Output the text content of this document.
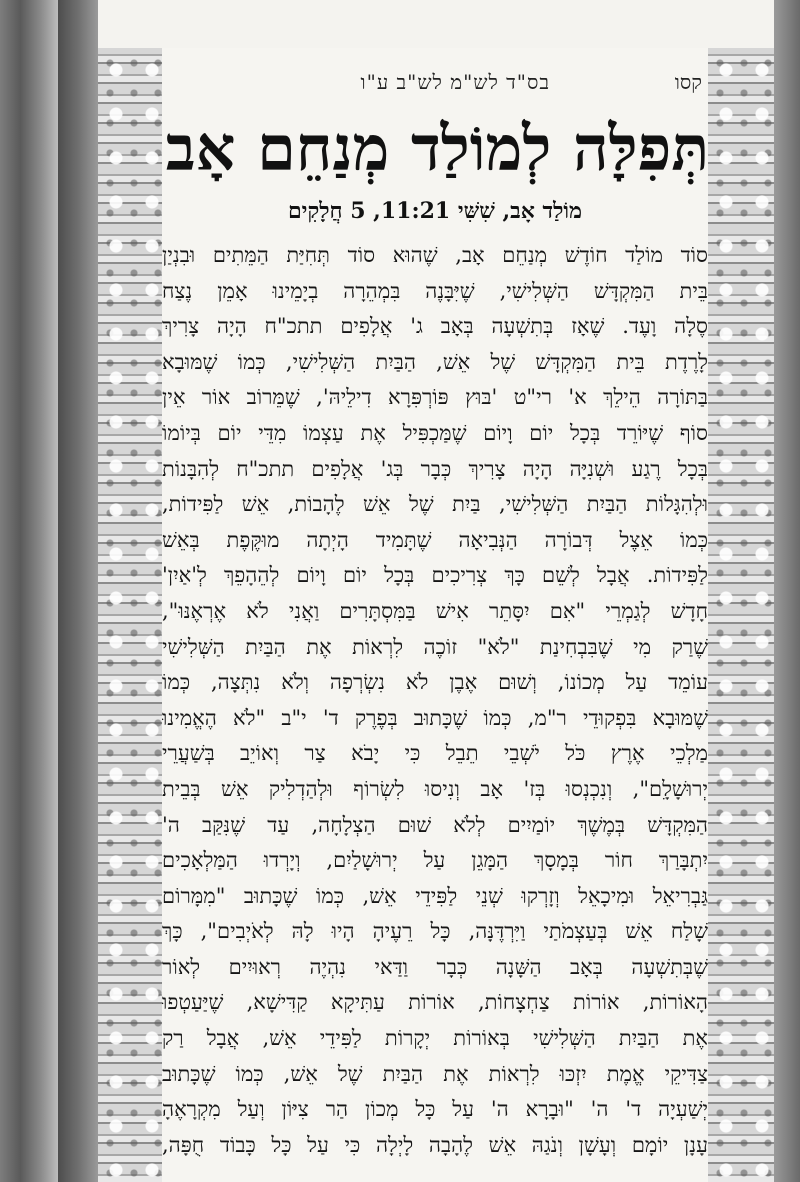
קסו
בס"ד לש"מ לש"ב ע"ו
תְּפִלָּה לְמוֹלַד מְנַחֵם אָב
מוֹלַד אָב, שִׁשִּׁי 11:21, 5 חֲלָקִים
סוֹד מוֹלַד חוֹדֶשׁ מְנַחֵם אָב, שֶׁהוּא סוֹד תְּחִיַּת הַמֵּתִים וּבִנְיַן
בֵּית הַמִּקְדָּשׁ הַשְּׁלִישִׁי, שֶׁיִּבָּנֶה בִּמְהֵרָה בְיָמֵינוּ אָמֵן נֶצַח
סֶלָה וָעֶד. שֶׁאָז בְּתִשְׁעָה בְּאָב ג' אֲלָפִים תתכ"ח הָיָה צָרִיךְ
לָרֶדֶת בֵּית הַמִּקְדָּשׁ שֶׁל אֵשׁ, הַבַּיִת הַשְּׁלִישִׁי, כְּמוֹ שֶׁמּוּבָא
בַּתּוֹרָה הֵילֵךְ א' רי"ט 'בּוּץ פּוֹרְפִּרָא דִילֵיהּ', שֶׁמֵּרוֹב אוֹר אֵין
סוֹף שֶׁיּוֹרֵד בְּכָל יוֹם וָיוֹם שֶׁמַּכְפִּיל אֶת עַצְמוֹ מִדֵּי יוֹם בְּיוֹמוֹ
בְּכָל רֶגַע וּשְׁנִיָּה הָיָה צָרִיךְ כְּבָר בְּג' אֲלָפִים תתכ"ח לְהִבָּנוֹת
וּלְהִגָּלוֹת הַבַּיִת הַשְּׁלִישִׁי, בַּיִת שֶׁל אֵשׁ לֶהָבוֹת, אֵשׁ לַפִּידוֹת,
כְּמוֹ אֵצֶל דְּבוֹרָה הַנְּבִיאָה שֶׁתָּמִיד הָיְתָה מוּקֶּפֶת בְּאֵשׁ
לַפִּידוֹת. אֲבָל לְשֵׁם כָּךְ צְרִיכִים בְּכָל יוֹם וָיוֹם לְהֵהָפֵךְ לְ'אַיִן'
חָדָשׁ לְגַמְרֵי "אִם יִסָּתֵר אִישׁ בַּמִּסְתָּרִים וַאֲנִי לֹא אֶרְאֶנּוּ",
שֶׁרַק מִי שֶׁבִּבְחִינַת "לֹא" זוֹכֶה לִרְאוֹת אֶת הַבַּיִת הַשְּׁלִישִׁי
עוֹמֵד עַל מְכוֹנוֹ, וְשׁוּם אֶבֶן לֹא נִשְׂרְפָה וְלֹא נִתְּצָה, כְּמוֹ
שֶׁמּוּבָא בִּפְקוּדֵי ר"מ, כְּמוֹ שֶׁכָּתוּב בְּפֶרֶק ד' י"ב "לֹא הֶאֱמִינוּ
מַלְכֵי אֶרֶץ כֹּל יֹשְׁבֵי תֵבֵל כִּי יָבֹא צַר וְאוֹיֵב בְּשַׁעֲרֵי
יְרוּשָׁלִָם", וְנִכְנְסוּ בְּז' אָב וְנִיסוּ לִשְׂרוֹף וּלְהַדְלִיק אֵשׁ בְּבֵית
הַמִּקְדָּשׁ בְּמֶשֶׁךְ יוֹמַיִים לְלֹא שׁוּם הַצְלָחָה, עַד שֶׁנִּקַּב ה'
יִתְבָּרַךְ חוֹר בְּמָסָךְ הַמָּגֵן עַל יְרוּשָׁלַיִם, וְיָרְדוּ הַמַּלְאָכִים
גַּבְרִיאֵל וּמִיכָאֵל וְזָרְקוּ שְׁנֵי לַפִּידֵי אֵשׁ, כְּמוֹ שֶׁכָּתוּב "מִמָּרוֹם
שָׁלַח אֵשׁ בְּעַצְמֹתַי וַיִּרְדֶּנָּה, כָּל רֵעֶיהָ הָיוּ לָהּ לְאֹיְבִים", כָּךְ
שֶׁבְּתִשְׁעָה בְּאָב הַשָּׁנָה כְּבָר וַדַּאי נִהְיֶה רְאוּיִים לְאוֹר
הָאוֹרוֹת, אוֹרוֹת צַחְצָחוֹת, אוֹרוֹת עַתִּיקָא קַדִּישָׁא, שֶׁיַּעַטְפוּ
אֶת הַבַּיִת הַשְּׁלִישִׁי בְּאוֹרוֹת יְקָרוֹת לַפִּידֵי אֵשׁ, אֲבָל רַק
צַדִּיקֵי אֱמֶת יִזְכּוּ לִרְאוֹת אֶת הַבַּיִת שֶׁל אֵשׁ, כְּמוֹ שֶׁכָּתוּב
יְשַׁעְיָה ד' ה' "וּבָרָא ה' עַל כָּל מְכוֹן הַר צִיּוֹן וְעַל מִקְרָאֶהָ
עָנָן יוֹמָם וְעָשָׁן וְנֹגַהּ אֵשׁ לֶהָבָה לָיְלָה כִּי עַל כָּל כָּבוֹד חֻפָּה,
